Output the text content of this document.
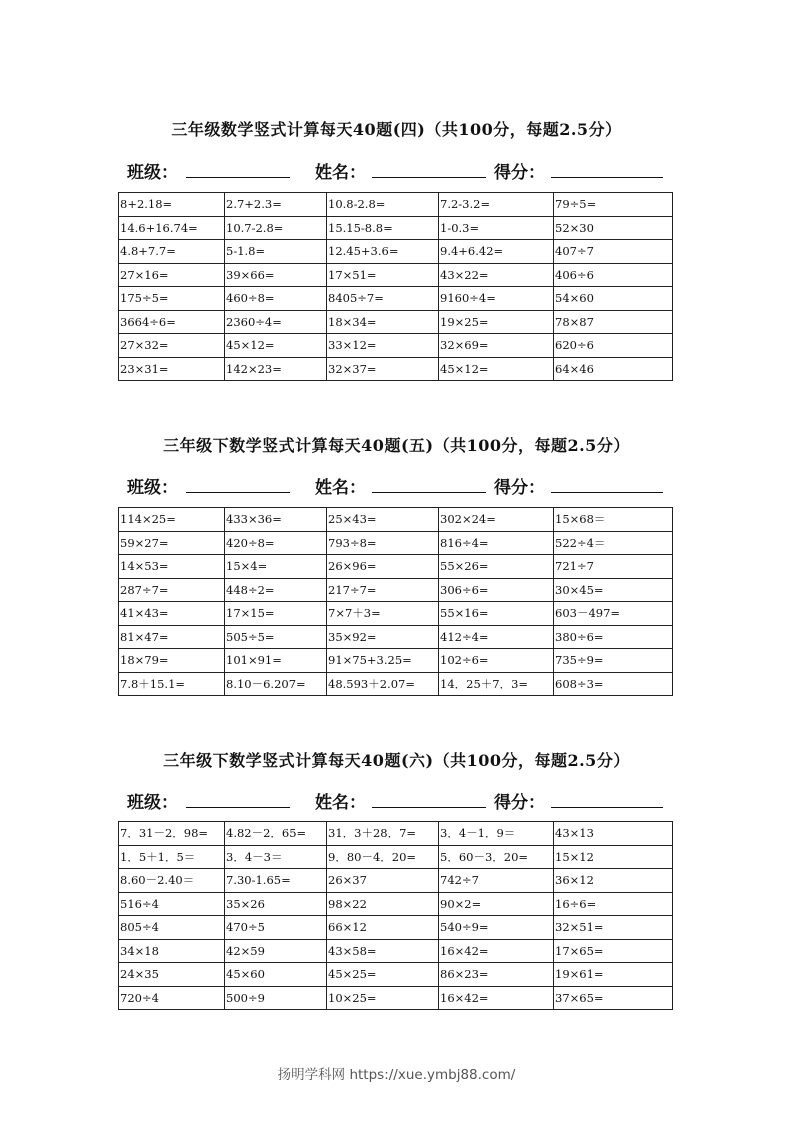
三年级数学竖式计算每天40题(四)（共100分，每题2.5分）
班级：	姓名：	得分：
8+2.18=	2.7+2.3=	10.8-2.8=	7.2-3.2=	79÷5=
14.6+16.74=	10.7-2.8=	15.15-8.8=	1-0.3=	52×30
4.8+7.7=	5-1.8=	12.45+3.6=	9.4+6.42=	407÷7
27×16=	39×66=	17×51=	43×22=	406÷6
175÷5=	460÷8=	8405÷7=	9160÷4=	54×60
3664÷6=	2360÷4=	18×34=	19×25=	78×87
27×32=	45×12=	33×12=	32×69=	620÷6
23×31=	142×23=	32×37=	45×12=	64×46
三年级下数学竖式计算每天40题(五)（共100分，每题2.5分）
班级：	姓名：	得分：
114×25=	433×36=	25×43=	302×24=	15×68＝
59×27=	420÷8=	793÷8=	816÷4=	522÷4＝
14×53=	15×4=	26×96=	55×26=	721÷7
287÷7=	448÷2=	217÷7=	306÷6=	30×45=
41×43=	17×15=	7×7＋3=	55×16=	603－497=
81×47=	505÷5=	35×92=	412÷4=	380÷6=
18×79=	101×91=	91×75+3.25=	102÷6=	735÷9=
7.8＋15.1=	8.10－6.207=	48.593＋2.07=	14．25＋7．3=	608÷3=
三年级下数学竖式计算每天40题(六)（共100分，每题2.5分）
班级：	姓名：	得分：
7．31－2．98=	4.82－2．65=	31．3＋28．7=	3．4－1．9＝	43×13
1．5＋1．5＝	3．4－3＝	9．80－4．20=	5．60－3．20=	15×12
8.60－2.40＝	7.30-1.65=	26×37	742÷7	36×12
516÷4	35×26	98×22	90×2=	16÷6=
805÷4	470÷5	66×12	540÷9=	32×51=
34×18	42×59	43×58=	16×42=	17×65=
24×35	45×60	45×25=	86×23=	19×61=
720÷4	500÷9	10×25=	16×42=	37×65=
扬明学科网 https://xue.ymbj88.com/
